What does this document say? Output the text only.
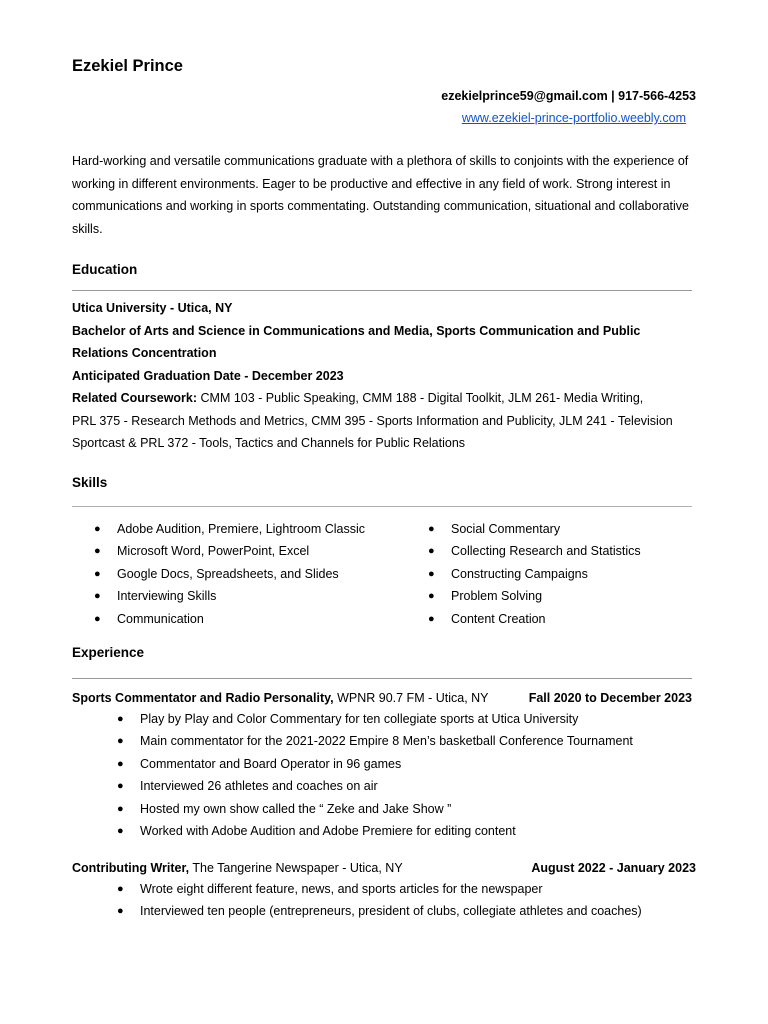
Ezekiel Prince
ezekielprince59@gmail.com | 917-566-4253
www.ezekiel-prince-portfolio.weebly.com
Hard-working and versatile communications graduate with a plethora of skills to conjoints with the experience of
working in different environments. Eager to be productive and effective in any field of work. Strong interest in
communications and working in sports commentating. Outstanding communication, situational and collaborative
skills.
Education
Utica University - Utica, NY
Bachelor of Arts and Science in Communications and Media, Sports Communication and Public
Relations Concentration
Anticipated Graduation Date - December 2023
Related Coursework: CMM 103 - Public Speaking, CMM 188 - Digital Toolkit, JLM 261- Media Writing,
PRL 375 - Research Methods and Metrics, CMM 395 - Sports Information and Publicity, JLM 241 - Television
Sportcast & PRL 372 - Tools, Tactics and Channels for Public Relations
Skills
● Adobe Audition, Premiere, Lightroom Classic
● Microsoft Word, PowerPoint, Excel
● Google Docs, Spreadsheets, and Slides
● Interviewing Skills
● Communication
● Social Commentary
● Collecting Research and Statistics
● Constructing Campaigns
● Problem Solving
● Content Creation
Experience
Sports Commentator and Radio Personality, WPNR 90.7 FM - Utica, NY	Fall 2020 to December 2023
● Play by Play and Color Commentary for ten collegiate sports at Utica University
● Main commentator for the 2021-2022 Empire 8 Men’s basketball Conference Tournament
● Commentator and Board Operator in 96 games
● Interviewed 26 athletes and coaches on air
● Hosted my own show called the “ Zeke and Jake Show ”
● Worked with Adobe Audition and Adobe Premiere for editing content
Contributing Writer, The Tangerine Newspaper - Utica, NY	August 2022 - January 2023
● Wrote eight different feature, news, and sports articles for the newspaper
● Interviewed ten people (entrepreneurs, president of clubs, collegiate athletes and coaches)
